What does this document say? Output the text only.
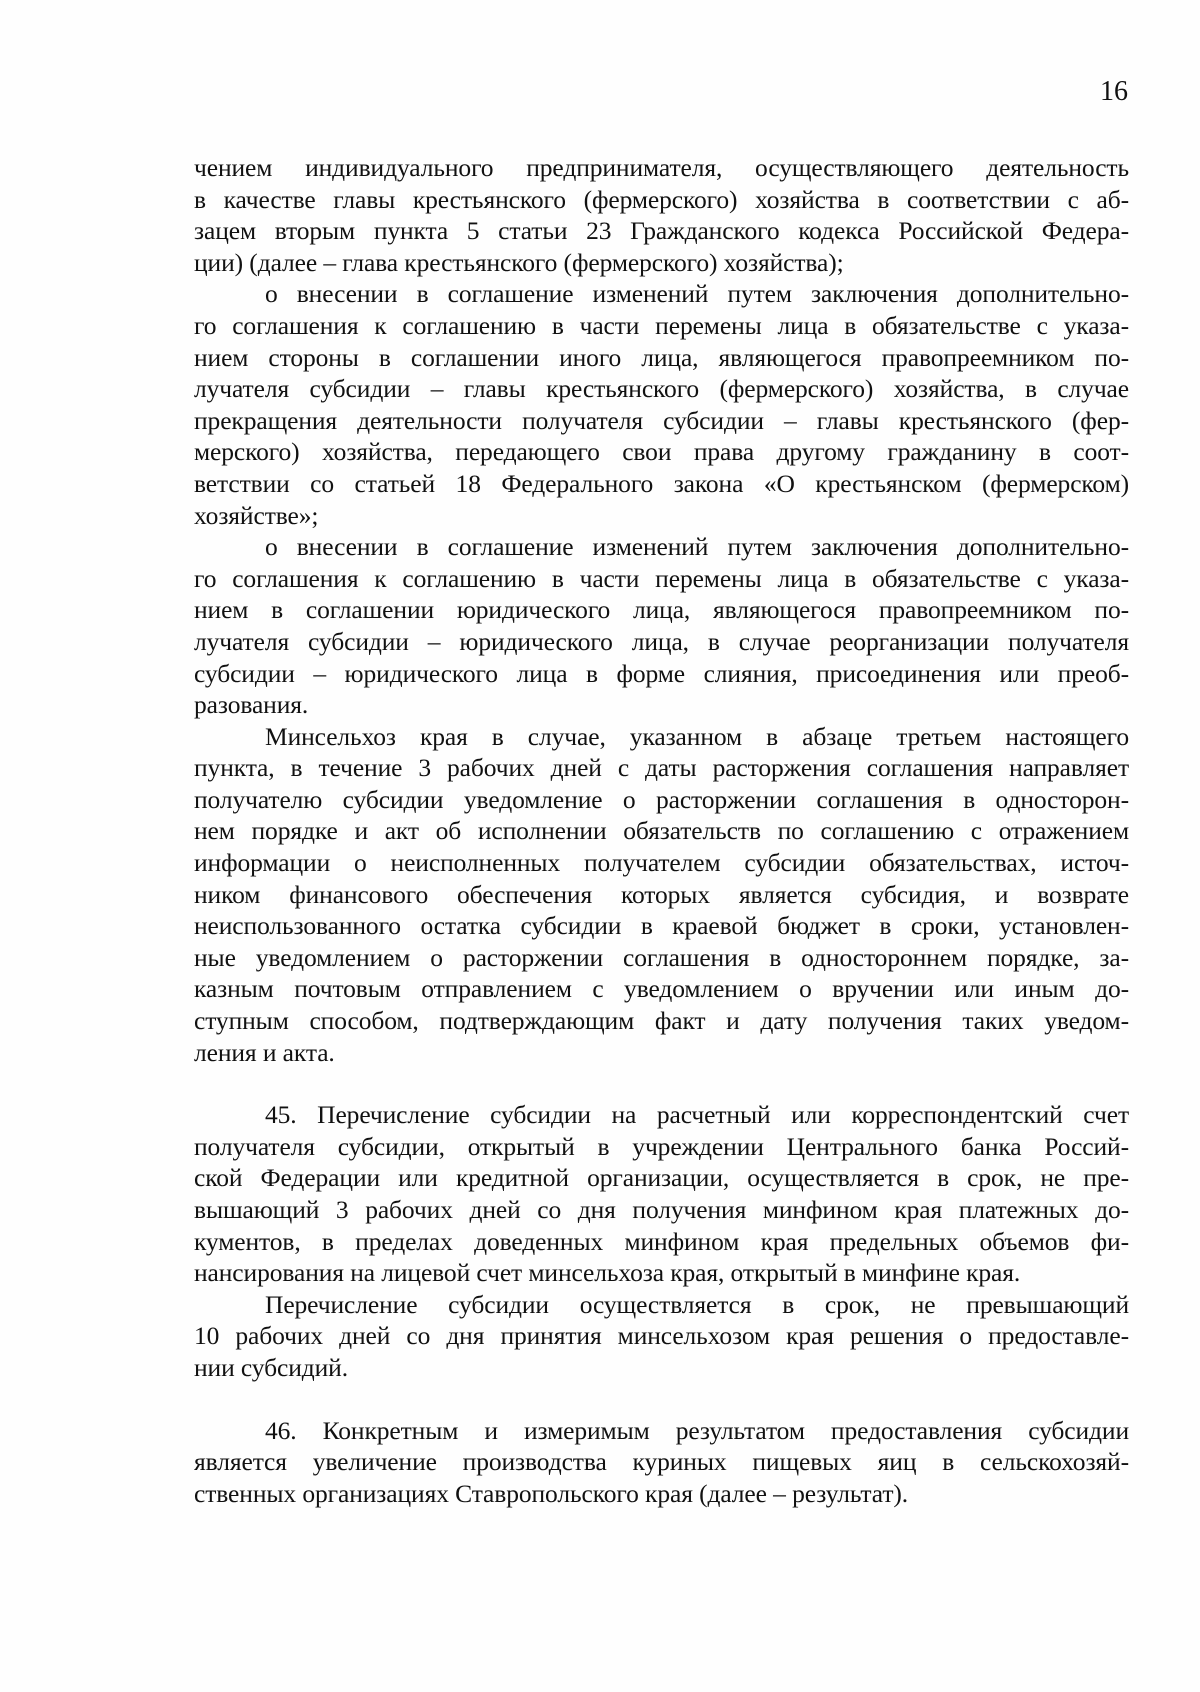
16
чением индивидуального предпринимателя, осуществляющего деятельность
в качестве главы крестьянского (фермерского) хозяйства в соответствии с аб-
зацем вторым пункта 5 статьи 23 Гражданского кодекса Российской Федера-
ции) (далее – глава крестьянского (фермерского) хозяйства);
о внесении в соглашение изменений путем заключения дополнительно-
го соглашения к соглашению в части перемены лица в обязательстве с указа-
нием стороны в соглашении иного лица, являющегося правопреемником по-
лучателя субсидии – главы крестьянского (фермерского) хозяйства, в случае
прекращения деятельности получателя субсидии – главы крестьянского (фер-
мерского) хозяйства, передающего свои права другому гражданину в соот-
ветствии со статьей 18 Федерального закона «О крестьянском (фермерском)
хозяйстве»;
о внесении в соглашение изменений путем заключения дополнительно-
го соглашения к соглашению в части перемены лица в обязательстве с указа-
нием в соглашении юридического лица, являющегося правопреемником по-
лучателя субсидии – юридического лица, в случае реорганизации получателя
субсидии – юридического лица в форме слияния, присоединения или преоб-
разования.
Минсельхоз края в случае, указанном в абзаце третьем настоящего
пункта, в течение 3 рабочих дней с даты расторжения соглашения направляет
получателю субсидии уведомление о расторжении соглашения в односторон-
нем порядке и акт об исполнении обязательств по соглашению с отражением
информации о неисполненных получателем субсидии обязательствах, источ-
ником финансового обеспечения которых является субсидия, и возврате
неиспользованного остатка субсидии в краевой бюджет в сроки, установлен-
ные уведомлением о расторжении соглашения в одностороннем порядке, за-
казным почтовым отправлением с уведомлением о вручении или иным до-
ступным способом, подтверждающим факт и дату получения таких уведом-
ления и акта.
45. Перечисление субсидии на расчетный или корреспондентский счет
получателя субсидии, открытый в учреждении Центрального банка Россий-
ской Федерации или кредитной организации, осуществляется в срок, не пре-
вышающий 3 рабочих дней со дня получения минфином края платежных до-
кументов, в пределах доведенных минфином края предельных объемов фи-
нансирования на лицевой счет минсельхоза края, открытый в минфине края.
Перечисление субсидии осуществляется в срок, не превышающий
10 рабочих дней со дня принятия минсельхозом края решения о предоставле-
нии субсидий.
46. Конкретным и измеримым результатом предоставления субсидии
является увеличение производства куриных пищевых яиц в сельскохозяй-
ственных организациях Ставропольского края (далее – результат).
